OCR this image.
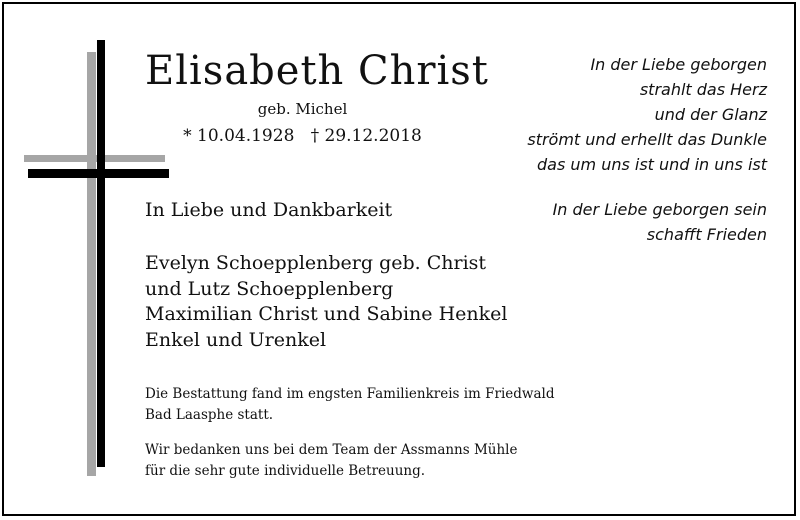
Elisabeth Christ
geb. Michel
* 10.04.1928 † 29.12.2018
In der Liebe geborgen
strahlt das Herz
und der Glanz
strömt und erhellt das Dunkle
das um uns ist und in uns ist
In der Liebe geborgen sein
schafft Frieden
In Liebe und Dankbarkeit
Evelyn Schoepplenberg geb. Christ
und Lutz Schoepplenberg
Maximilian Christ und Sabine Henkel
Enkel und Urenkel
Die Bestattung fand im engsten Familienkreis im Friedwald
Bad Laasphe statt.
Wir bedanken uns bei dem Team der Assmanns Mühle
für die sehr gute individuelle Betreuung.
